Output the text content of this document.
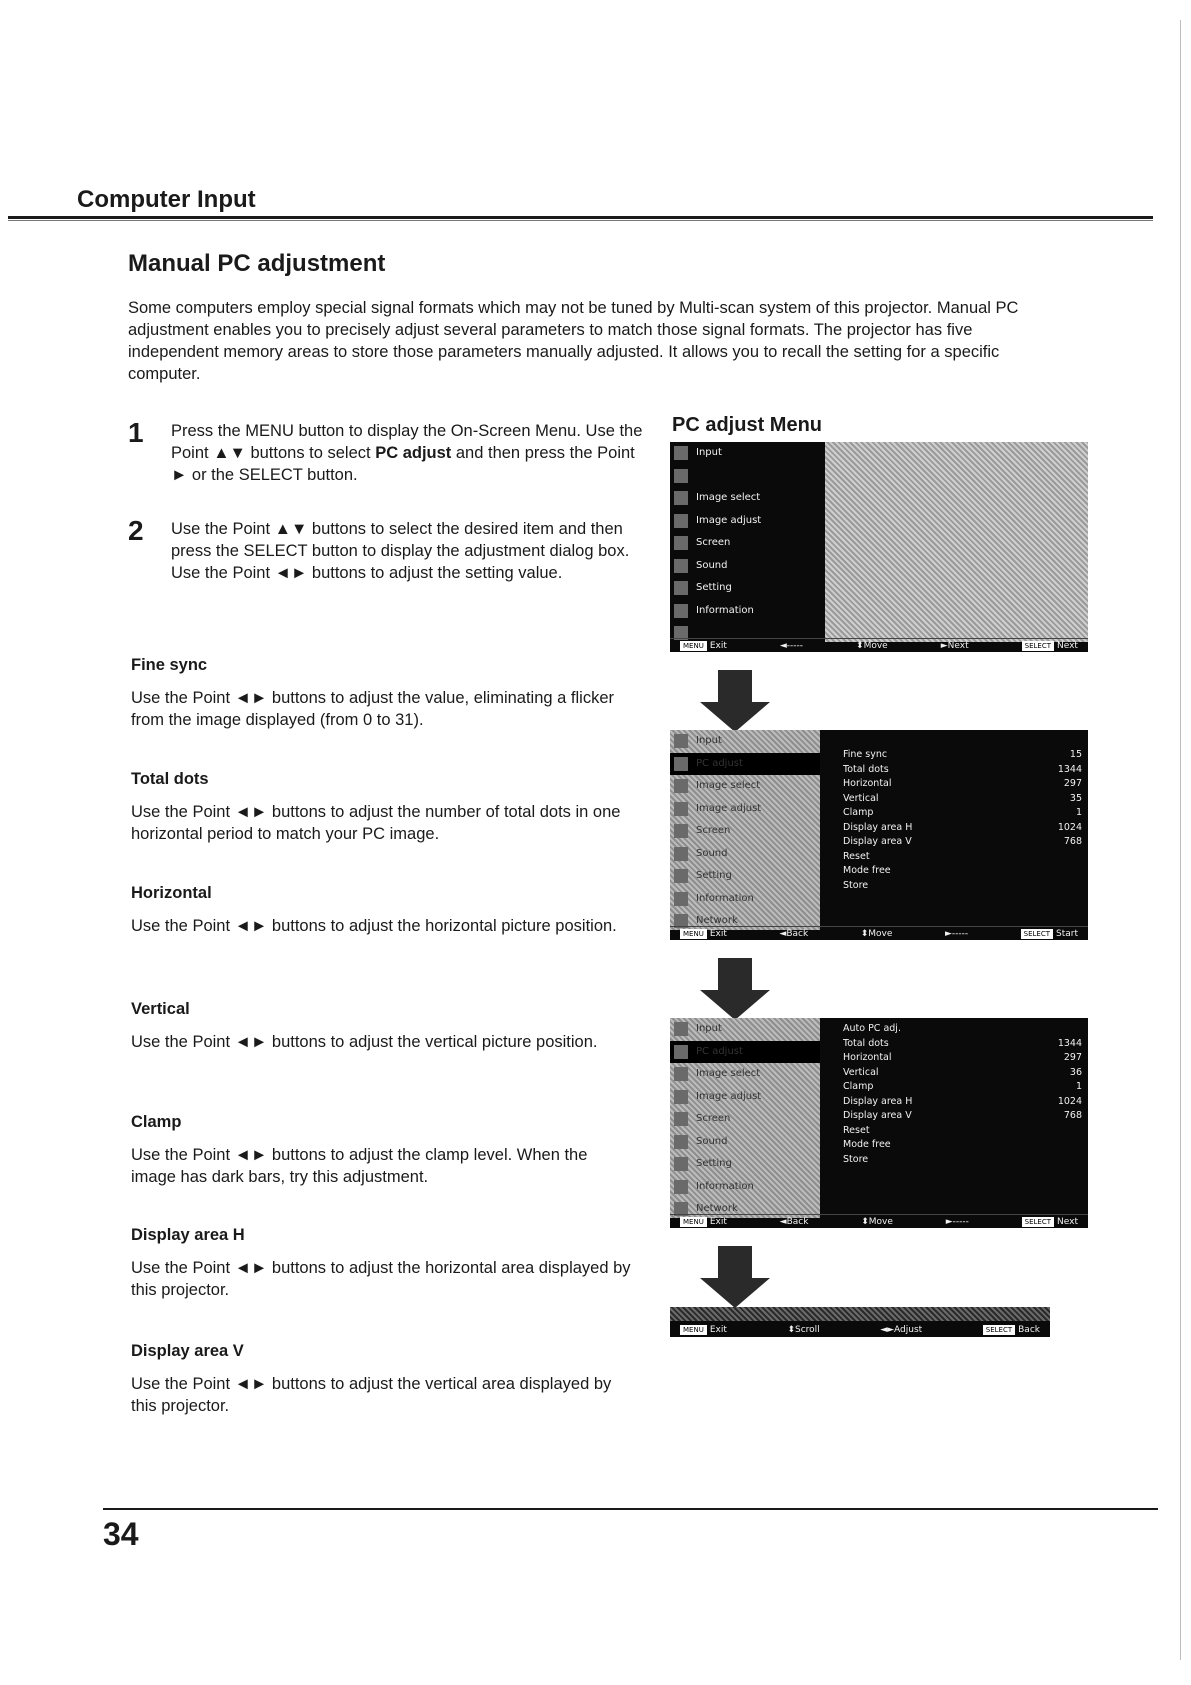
Computer Input
Manual PC adjustment

Some computers employ special signal formats which may not be tuned by Multi-scan system of this projector. Manual PC adjustment enables you to precisely adjust several parameters to match those signal formats. The projector has five independent memory areas to store those parameters manually adjusted. It allows you to recall the setting for a specific computer.

1 Press the MENU button to display the On-Screen Menu. Use the Point ▲▼ buttons to select PC adjust and then press the Point ► or the SELECT button.

2 Use the Point ▲▼ buttons to select the desired item and then press the SELECT button to display the adjustment dialog box. Use the Point ◄► buttons to adjust the setting value.

Fine sync

Use the Point ◄► buttons to adjust the value, eliminating a flicker from the image displayed (from 0 to 31).

Total dots

Use the Point ◄► buttons to adjust the number of total dots in one horizontal period to match your PC image.

Horizontal

Use the Point ◄► buttons to adjust the horizontal picture position.

Vertical

Use the Point ◄► buttons to adjust the vertical picture position.

Clamp

Use the Point ◄► buttons to adjust the clamp level. When the image has dark bars, try this adjustment.

Display area H

Use the Point ◄► buttons to adjust the horizontal area displayed by this projector.

Display area V

Use the Point ◄► buttons to adjust the vertical area displayed by this projector.

PC adjust Menu
Input
Image select
Image adjust
Screen
Sound
Setting
Information
MENU Exit	◄-----	⬍Move	►Next	SELECT Next
Input
PC adjust
Image select
Image adjust
Screen
Sound
Setting
Information
Network
Fine sync	15
Total dots	1344
Horizontal	297
Vertical	35
Clamp	1
Display area H	1024
Display area V	768
Reset
Mode free
Store
MENU Exit	◄Back	⬍Move	►-----	SELECT Start
Input
PC adjust
Image select
Image adjust
Screen
Sound
Setting
Information
Network
Auto PC adj.
Total dots	1344
Horizontal	297
Vertical	36
Clamp	1
Display area H	1024
Display area V	768
Reset
Mode free
Store
MENU Exit	◄Back	⬍Move	►-----	SELECT Next
MENU Exit	⬍Scroll	◄►Adjust	SELECT Back
34
